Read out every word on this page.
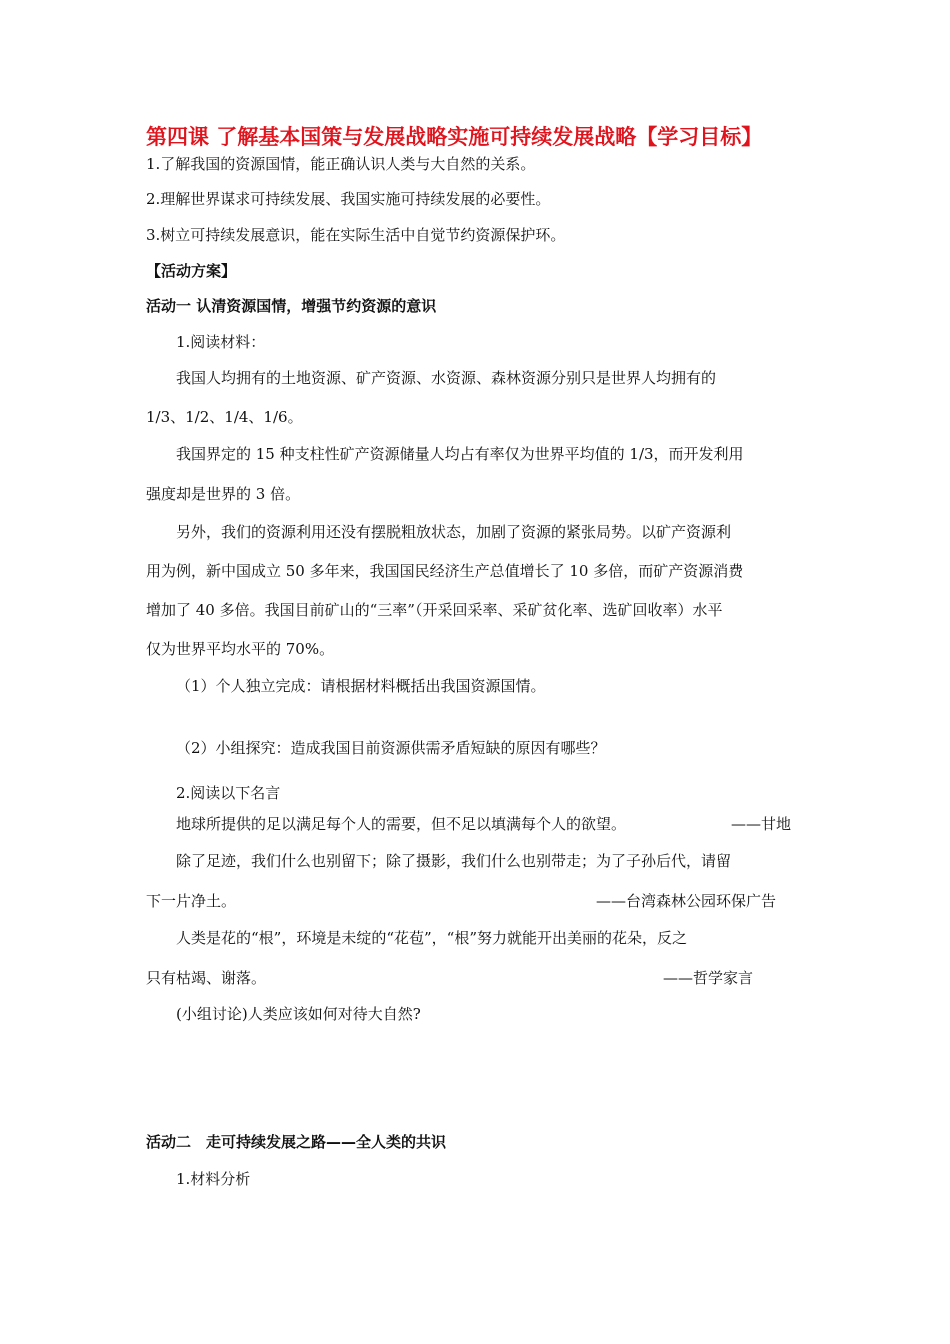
第四课 了解基本国策与发展战略实施可持续发展战略【学习目标】
1.了解我国的资源国情，能正确认识人类与大自然的关系。
2.理解世界谋求可持续发展、我国实施可持续发展的必要性。
3.树立可持续发展意识，能在实际生活中自觉节约资源保护环。
【活动方案】
活动一 认清资源国情，增强节约资源的意识
1.阅读材料：
我国人均拥有的土地资源、矿产资源、水资源、森林资源分别只是世界人均拥有的
1/3、1/2、1/4、1/6。
我国界定的 15 种支柱性矿产资源储量人均占有率仅为世界平均值的 1/3，而开发利用
强度却是世界的 3 倍。
另外，我们的资源利用还没有摆脱粗放状态，加剧了资源的紧张局势。以矿产资源利
用为例，新中国成立 50 多年来，我国国民经济生产总值增长了 10 多倍，而矿产资源消费
增加了 40 多倍。我国目前矿山的“三率”（开采回采率、采矿贫化率、选矿回收率）水平
仅为世界平均水平的 70%。
（1）个人独立完成：请根据材料概括出我国资源国情。
（2）小组探究：造成我国目前资源供需矛盾短缺的原因有哪些？
2.阅读以下名言
地球所提供的足以满足每个人的需要，但不足以填满每个人的欲望。	——甘地
除了足迹，我们什么也别留下；除了摄影，我们什么也别带走；为了子孙后代，请留
下一片净土。	——台湾森林公园环保广告
人类是花的“根”，环境是未绽的“花苞”，“根”努力就能开出美丽的花朵，反之
只有枯竭、谢落。	——哲学家言
(小组讨论)人类应该如何对待大自然?
活动二　走可持续发展之路——全人类的共识
1.材料分析
